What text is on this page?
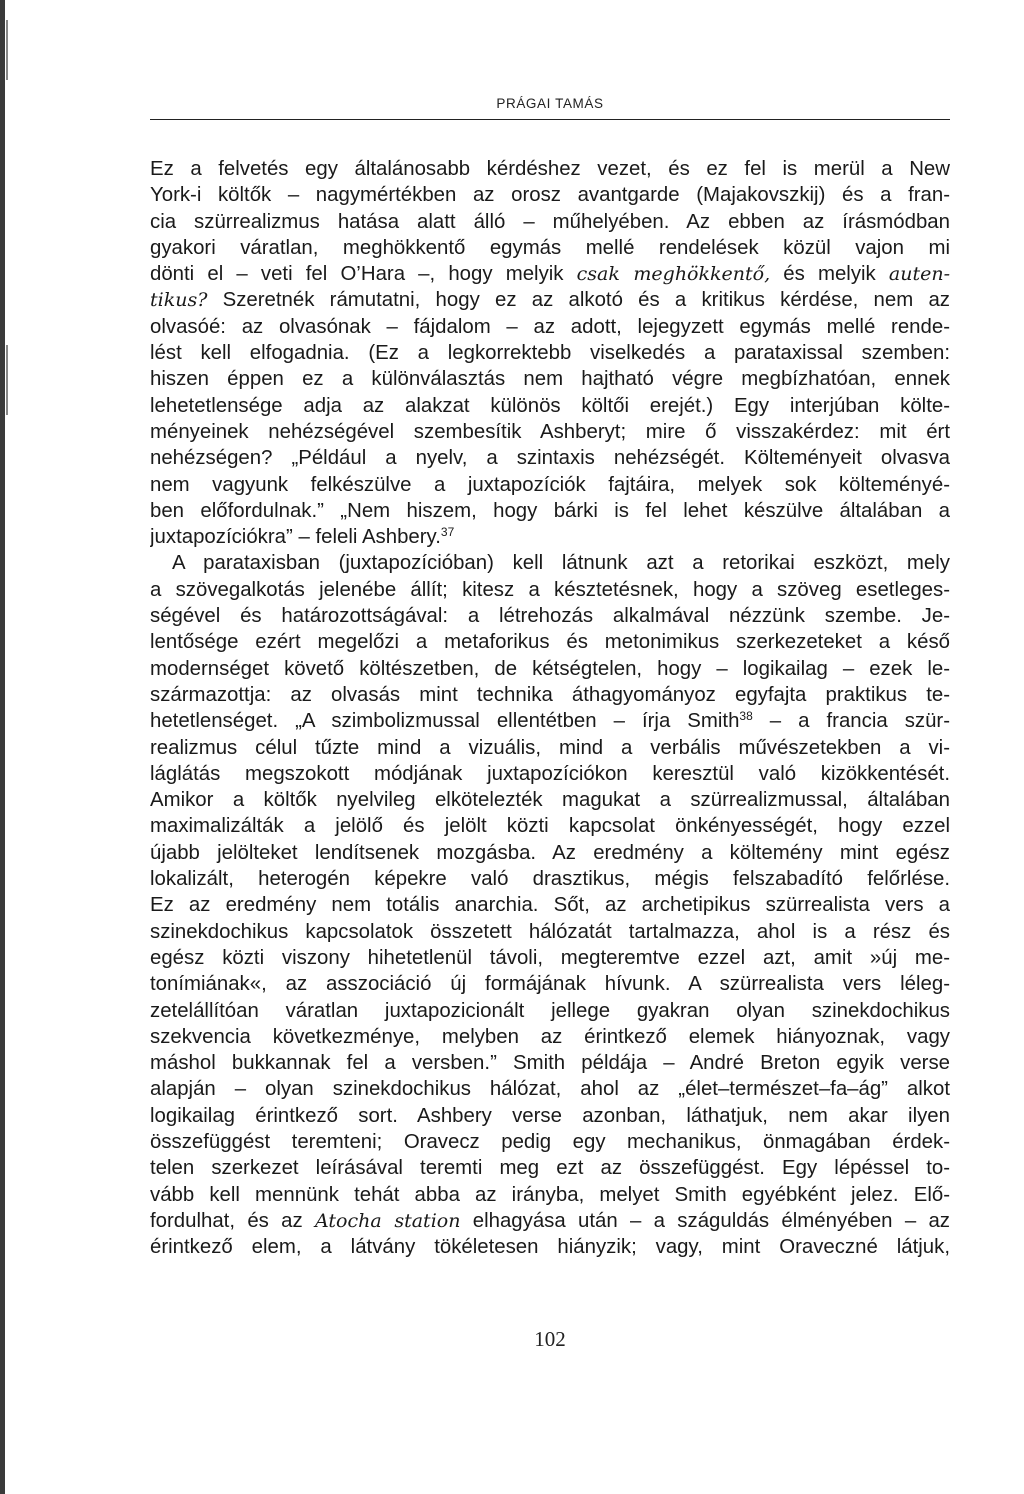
PRÁGAI TAMÁS
Ez a felvetés egy általánosabb kérdéshez vezet, és ez fel is merül a New
York-i költők – nagymértékben az orosz avantgarde (Majakovszkij) és a fran-
cia szürrealizmus hatása alatt álló – műhelyében. Az ebben az írásmódban
gyakori váratlan, meghökkentő egymás mellé rendelések közül vajon mi
dönti el – veti fel O’Hara –, hogy melyik csak meghökkentő, és melyik auten-
tikus? Szeretnék rámutatni, hogy ez az alkotó és a kritikus kérdése, nem az
olvasóé: az olvasónak – fájdalom – az adott, lejegyzett egymás mellé rende-
lést kell elfogadnia. (Ez a legkorrektebb viselkedés a parataxissal szemben:
hiszen éppen ez a különválasztás nem hajtható végre megbízhatóan, ennek
lehetetlensége adja az alakzat különös költői erejét.) Egy interjúban költe-
ményeinek nehézségével szembesítik Ashberyt; mire ő visszakérdez: mit ért
nehézségen? „Például a nyelv, a szintaxis nehézségét. Költeményeit olvasva
nem vagyunk felkészülve a juxtapozíciók fajtáira, melyek sok költeményé-
ben előfordulnak.” „Nem hiszem, hogy bárki is fel lehet készülve általában a
juxtapozíciókra” – feleli Ashbery.$^{37}$
A parataxisban (juxtapozícióban) kell látnunk azt a retorikai eszközt, mely
a szövegalkotás jelenébe állít; kitesz a késztetésnek, hogy a szöveg esetleges-
ségével és határozottságával: a létrehozás alkalmával nézzünk szembe. Je-
lentősége ezért megelőzi a metaforikus és metonimikus szerkezeteket a késő
modernséget követő költészetben, de kétségtelen, hogy – logikailag – ezek le-
származottja: az olvasás mint technika áthagyományoz egyfajta praktikus te-
hetetlenséget. „A szimbolizmussal ellentétben – írja Smith$^{38}$ – a francia szür-
realizmus célul tűzte mind a vizuális, mind a verbális művészetekben a vi-
láglátás megszokott módjának juxtapozíciókon keresztül való kizökkentését.
Amikor a költők nyelvileg elkötelezték magukat a szürrealizmussal, általában
maximalizálták a jelölő és jelölt közti kapcsolat önkényességét, hogy ezzel
újabb jelölteket lendítsenek mozgásba. Az eredmény a költemény mint egész
lokalizált, heterogén képekre való drasztikus, mégis felszabadító felőrlése.
Ez az eredmény nem totális anarchia. Sőt, az archetipikus szürrealista vers a
szinekdochikus kapcsolatok összetett hálózatát tartalmazza, ahol is a rész és
egész közti viszony hihetetlenül távoli, megteremtve ezzel azt, amit »új me-
tonímiának«, az asszociáció új formájának hívunk. A szürrealista vers léleg-
zetelállítóan váratlan juxtapozicionált jellege gyakran olyan szinekdochikus
szekvencia következménye, melyben az érintkező elemek hiányoznak, vagy
máshol bukkannak fel a versben.” Smith példája – André Breton egyik verse
alapján – olyan szinekdochikus hálózat, ahol az „élet–természet–fa–ág” alkot
logikailag érintkező sort. Ashbery verse azonban, láthatjuk, nem akar ilyen
összefüggést teremteni; Oravecz pedig egy mechanikus, önmagában érdek-
telen szerkezet leírásával teremti meg ezt az összefüggést. Egy lépéssel to-
vább kell mennünk tehát abba az irányba, melyet Smith egyébként jelez. Elő-
fordulhat, és az Atocha station elhagyása után – a száguldás élményében – az
érintkező elem, a látvány tökéletesen hiányzik; vagy, mint Oraveczné látjuk,
102
